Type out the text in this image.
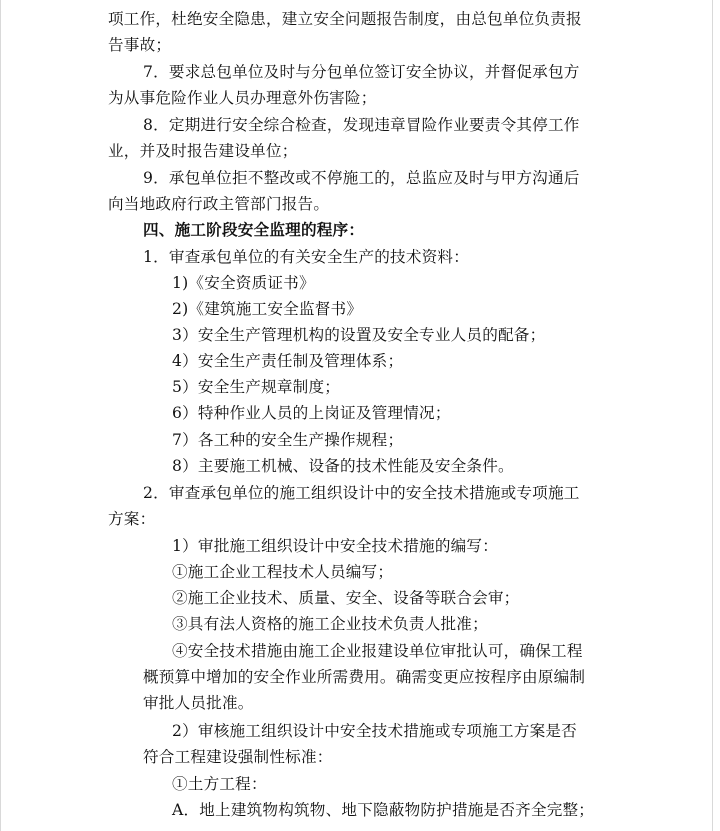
项工作，杜绝安全隐患，建立安全问题报告制度，由总包单位负责报
告事故；
7．要求总包单位及时与分包单位签订安全协议，并督促承包方
为从事危险作业人员办理意外伤害险；
8．定期进行安全综合检查，发现违章冒险作业要责令其停工作
业，并及时报告建设单位；
9．承包单位拒不整改或不停施工的，总监应及时与甲方沟通后
向当地政府行政主管部门报告。
四、施工阶段安全监理的程序：
1．审查承包单位的有关安全生产的技术资料：
1)《安全资质证书》
2)《建筑施工安全监督书》
3）安全生产管理机构的设置及安全专业人员的配备；
4）安全生产责任制及管理体系；
5）安全生产规章制度；
6）特种作业人员的上岗证及管理情况；
7）各工种的安全生产操作规程；
8）主要施工机械、设备的技术性能及安全条件。
2．审查承包单位的施工组织设计中的安全技术措施或专项施工
方案：
1）审批施工组织设计中安全技术措施的编写：
①施工企业工程技术人员编写；
②施工企业技术、质量、安全、设备等联合会审；
③具有法人资格的施工企业技术负责人批准；
④安全技术措施由施工企业报建设单位审批认可，确保工程
概预算中增加的安全作业所需费用。确需变更应按程序由原编制
审批人员批准。
2）审核施工组织设计中安全技术措施或专项施工方案是否
符合工程建设强制性标准：
①土方工程：
A．地上建筑物构筑物、地下隐蔽物防护措施是否齐全完整；
